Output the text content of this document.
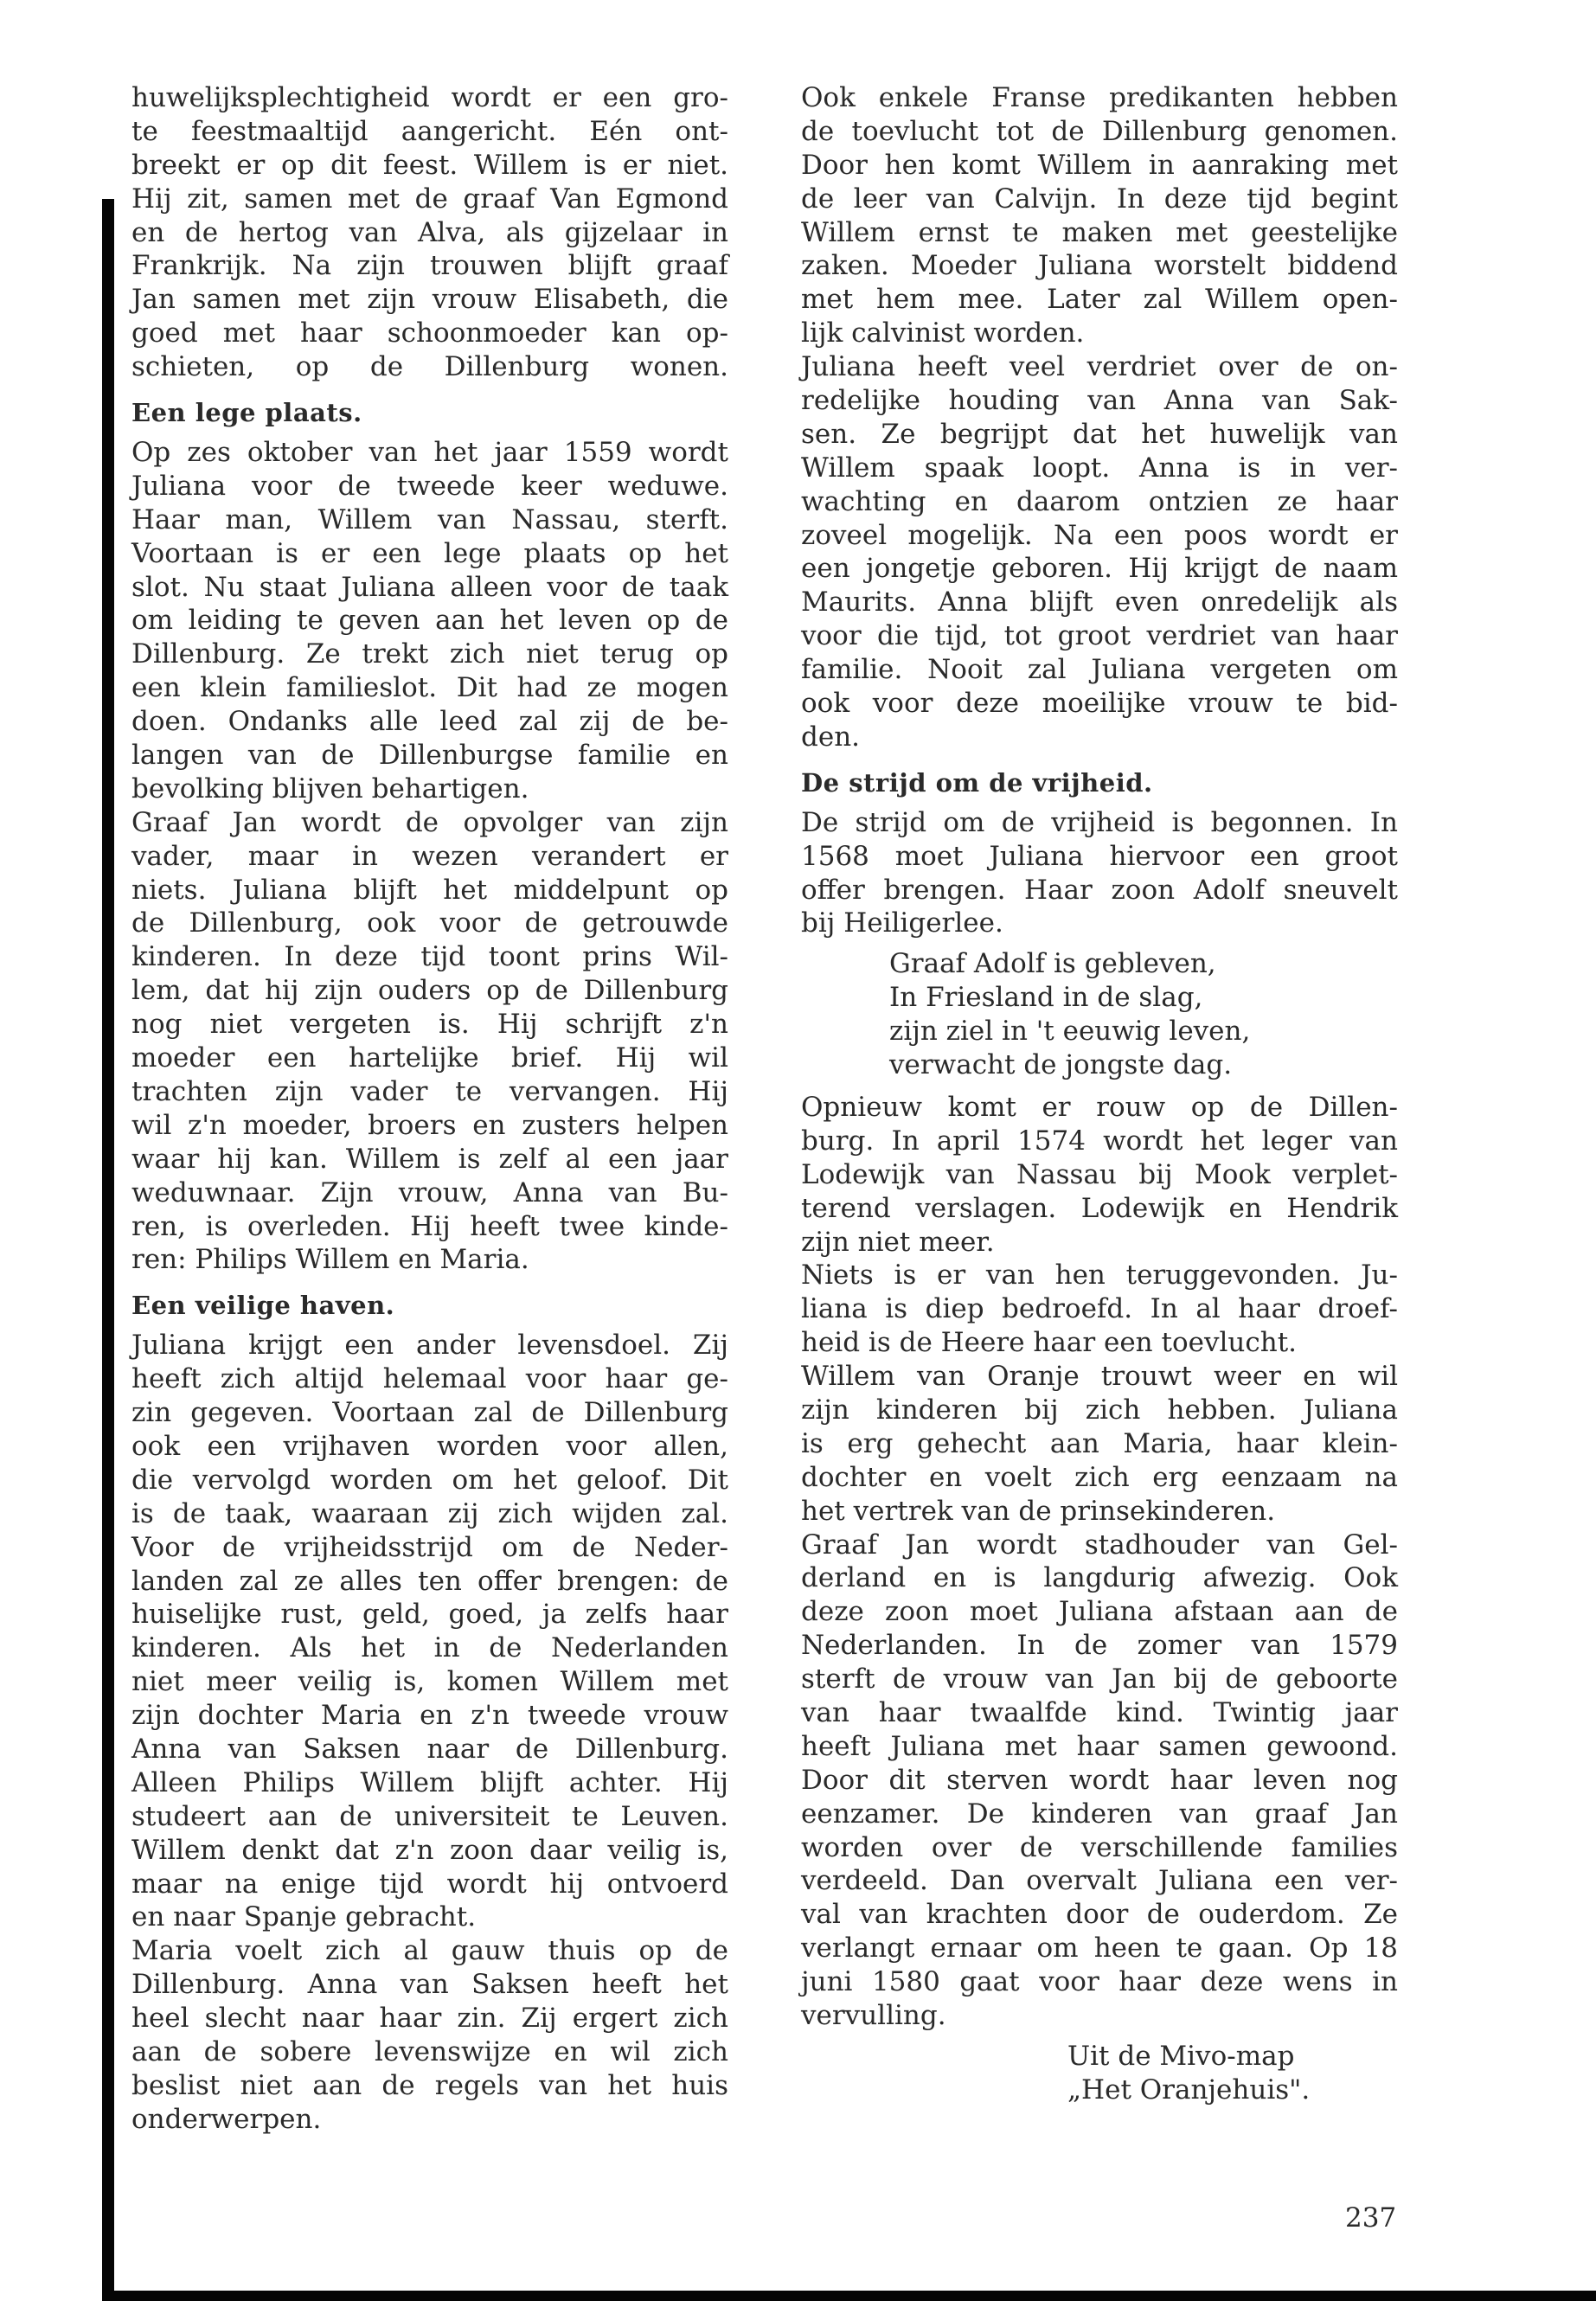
huwelijksplechtigheid wordt er een gro-
te feestmaaltijd aangericht. Eén ont-
breekt er op dit feest. Willem is er niet.
Hij zit, samen met de graaf Van Egmond
en de hertog van Alva, als gijzelaar in
Frankrijk. Na zijn trouwen blijft graaf
Jan samen met zijn vrouw Elisabeth, die
goed met haar schoonmoeder kan op-
schieten, op de Dillenburg wonen.
Een lege plaats.
Op zes oktober van het jaar 1559 wordt
Juliana voor de tweede keer weduwe.
Haar man, Willem van Nassau, sterft.
Voortaan is er een lege plaats op het
slot. Nu staat Juliana alleen voor de taak
om leiding te geven aan het leven op de
Dillenburg. Ze trekt zich niet terug op
een klein familieslot. Dit had ze mogen
doen. Ondanks alle leed zal zij de be-
langen van de Dillenburgse familie en
bevolking blijven behartigen.
Graaf Jan wordt de opvolger van zijn
vader, maar in wezen verandert er
niets. Juliana blijft het middelpunt op
de Dillenburg, ook voor de getrouwde
kinderen. In deze tijd toont prins Wil-
lem, dat hij zijn ouders op de Dillenburg
nog niet vergeten is. Hij schrijft z'n
moeder een hartelijke brief. Hij wil
trachten zijn vader te vervangen. Hij
wil z'n moeder, broers en zusters helpen
waar hij kan. Willem is zelf al een jaar
weduwnaar. Zijn vrouw, Anna van Bu-
ren, is overleden. Hij heeft twee kinde-
ren: Philips Willem en Maria.
Een veilige haven.
Juliana krijgt een ander levensdoel. Zij
heeft zich altijd helemaal voor haar ge-
zin gegeven. Voortaan zal de Dillenburg
ook een vrijhaven worden voor allen,
die vervolgd worden om het geloof. Dit
is de taak, waaraan zij zich wijden zal.
Voor de vrijheidsstrijd om de Neder-
landen zal ze alles ten offer brengen: de
huiselijke rust, geld, goed, ja zelfs haar
kinderen. Als het in de Nederlanden
niet meer veilig is, komen Willem met
zijn dochter Maria en z'n tweede vrouw
Anna van Saksen naar de Dillenburg.
Alleen Philips Willem blijft achter. Hij
studeert aan de universiteit te Leuven.
Willem denkt dat z'n zoon daar veilig is,
maar na enige tijd wordt hij ontvoerd
en naar Spanje gebracht.
Maria voelt zich al gauw thuis op de
Dillenburg. Anna van Saksen heeft het
heel slecht naar haar zin. Zij ergert zich
aan de sobere levenswijze en wil zich
beslist niet aan de regels van het huis
onderwerpen.
Ook enkele Franse predikanten hebben
de toevlucht tot de Dillenburg genomen.
Door hen komt Willem in aanraking met
de leer van Calvijn. In deze tijd begint
Willem ernst te maken met geestelijke
zaken. Moeder Juliana worstelt biddend
met hem mee. Later zal Willem open-
lijk calvinist worden.
Juliana heeft veel verdriet over de on-
redelijke houding van Anna van Sak-
sen. Ze begrijpt dat het huwelijk van
Willem spaak loopt. Anna is in ver-
wachting en daarom ontzien ze haar
zoveel mogelijk. Na een poos wordt er
een jongetje geboren. Hij krijgt de naam
Maurits. Anna blijft even onredelijk als
voor die tijd, tot groot verdriet van haar
familie. Nooit zal Juliana vergeten om
ook voor deze moeilijke vrouw te bid-
den.
De strijd om de vrijheid.
De strijd om de vrijheid is begonnen. In
1568 moet Juliana hiervoor een groot
offer brengen. Haar zoon Adolf sneuvelt
bij Heiligerlee.
Graaf Adolf is gebleven,
In Friesland in de slag,
zijn ziel in 't eeuwig leven,
verwacht de jongste dag.
Opnieuw komt er rouw op de Dillen-
burg. In april 1574 wordt het leger van
Lodewijk van Nassau bij Mook verplet-
terend verslagen. Lodewijk en Hendrik
zijn niet meer.
Niets is er van hen teruggevonden. Ju-
liana is diep bedroefd. In al haar droef-
heid is de Heere haar een toevlucht.
Willem van Oranje trouwt weer en wil
zijn kinderen bij zich hebben. Juliana
is erg gehecht aan Maria, haar klein-
dochter en voelt zich erg eenzaam na
het vertrek van de prinsekinderen.
Graaf Jan wordt stadhouder van Gel-
derland en is langdurig afwezig. Ook
deze zoon moet Juliana afstaan aan de
Nederlanden. In de zomer van 1579
sterft de vrouw van Jan bij de geboorte
van haar twaalfde kind. Twintig jaar
heeft Juliana met haar samen gewoond.
Door dit sterven wordt haar leven nog
eenzamer. De kinderen van graaf Jan
worden over de verschillende families
verdeeld. Dan overvalt Juliana een ver-
val van krachten door de ouderdom. Ze
verlangt ernaar om heen te gaan. Op 18
juni 1580 gaat voor haar deze wens in
vervulling.
Uit de Mivo-map
„Het Oranjehuis".
237
